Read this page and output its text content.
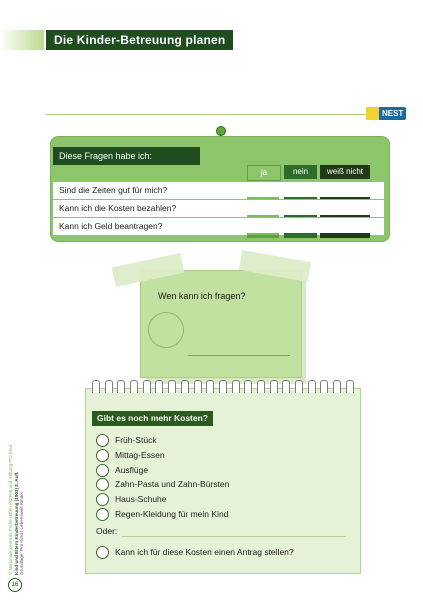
Die Kinder-Betreuung planen
NEST
Diese Fragen habe ich:
ja	nein	weiß nicht
Sind die Zeiten gut für mich?
Kann ich die Kosten bezahlen?
Kann ich Geld beantragen?
Wen kann ich fragen?
Gibt es noch mehr Kosten?
Früh-Stück
Mittag-Essen
Ausflüge
Zahn-Pasta und Zahn-Bürsten
Haus-Schuhe
Regen-Kleidung für mein Kind
Oder:
Kann ich für diese Kosten einen Antrag stellen?
© Nationale Zentrum Frühe Hilfen (NZFH) und Stiftung Pro Kind Kind und Eltern Kinderbetreuung (1903) 2. Aufl. Grundlage: Pro Kind / Lebenswelt Kinder
16
